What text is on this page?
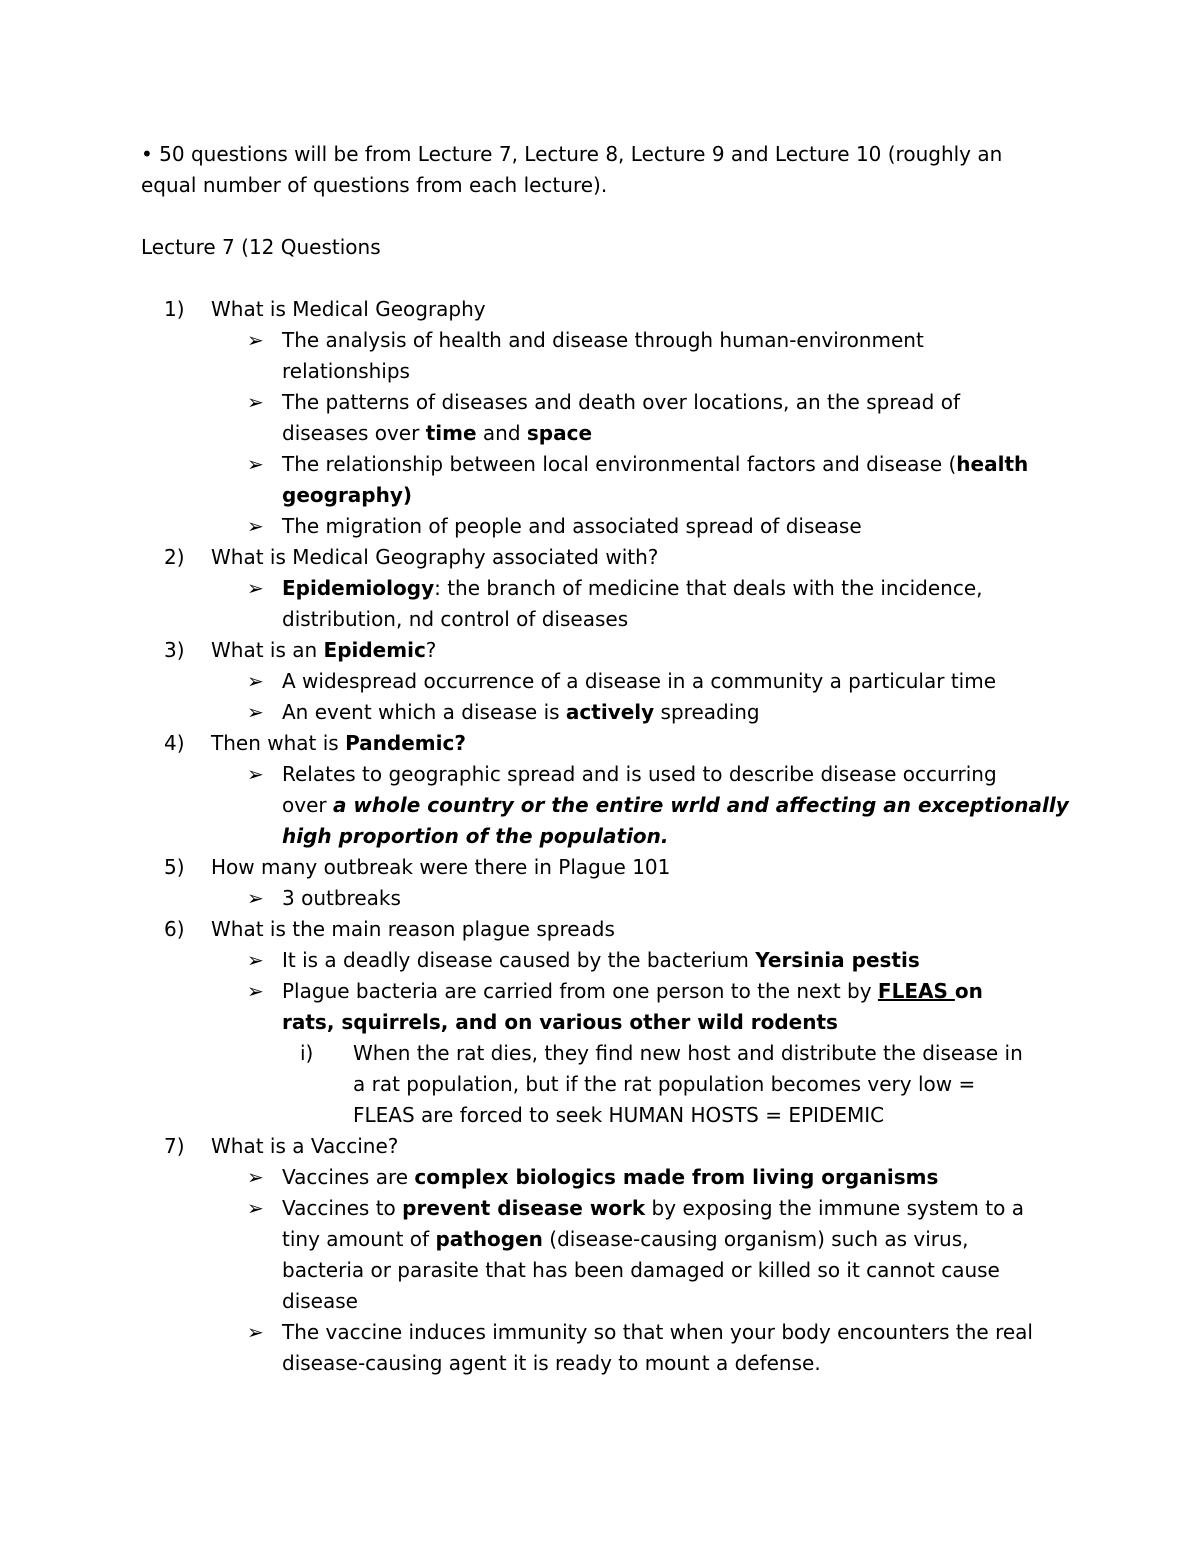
• 50 questions will be from Lecture 7, Lecture 8, Lecture 9 and Lecture 10 (roughly an
equal number of questions from each lecture).
Lecture 7 (12 Questions
1)	What is Medical Geography
➢ The analysis of health and disease through human-environment
relationships
➢ The patterns of diseases and death over locations, an the spread of
diseases over time and space
➢ The relationship between local environmental factors and disease (health
geography)
➢ The migration of people and associated spread of disease
2)	What is Medical Geography associated with?
➢ Epidemiology: the branch of medicine that deals with the incidence,
distribution, nd control of diseases
3)	What is an Epidemic?
➢ A widespread occurrence of a disease in a community a particular time
➢ An event which a disease is actively spreading
4)	Then what is Pandemic?
➢ Relates to geographic spread and is used to describe disease occurring
over a whole country or the entire wrld and affecting an exceptionally
high proportion of the population.
5)	How many outbreak were there in Plague 101
➢ 3 outbreaks
6)	What is the main reason plague spreads
➢ It is a deadly disease caused by the bacterium Yersinia pestis
➢ Plague bacteria are carried from one person to the next by FLEAS on
rats, squirrels, and on various other wild rodents
i)	When the rat dies, they find new host and distribute the disease in
a rat population, but if the rat population becomes very low =
FLEAS are forced to seek HUMAN HOSTS = EPIDEMIC
7)	What is a Vaccine?
➢ Vaccines are complex biologics made from living organisms
➢ Vaccines to prevent disease work by exposing the immune system to a
tiny amount of pathogen (disease-causing organism) such as virus,
bacteria or parasite that has been damaged or killed so it cannot cause
disease
➢ The vaccine induces immunity so that when your body encounters the real
disease-causing agent it is ready to mount a defense.
